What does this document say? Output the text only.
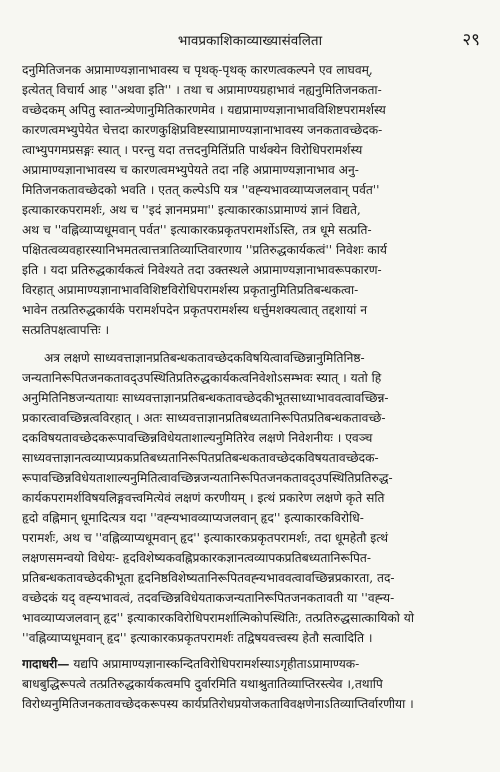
भावप्रकाशिकाव्याख्यासंवलिता	२९
दनुमितिजनक अप्रामाण्यज्ञानाभावस्य च पृथक्-पृथक् कारणत्वकल्पने एव लाघवम्,
इत्येतत् विचार्य आह ''अथवा इति'' । तथा च अप्रामाण्यग्रहाभावं नह्यनुमितिजनकता-
वच्छेदकम् अपितु स्वातन्त्र्येणानुमितिकारणमेव । यद्यप्रामाण्यज्ञानाभावविशिष्टपरामर्शस्य
कारणत्वमभ्युपेयेत चेत्तदा कारणकुक्षिप्रविष्टस्याप्रामाण्यज्ञानाभावस्य जनकतावच्छेदक-
त्वाभ्युपगमप्रसङ्गः स्यात् । परन्तु यदा तत्तदनुमितिंप्रति पार्थक्येन विरोधिपरामर्शस्य
अप्रामाण्यज्ञानाभावस्य च कारणत्वमभ्युपेयते तदा नहि अप्रामाण्यज्ञानाभाव अनु-
मितिजनकतावच्छेदको भवति । एतत् कल्पेऽपि यत्र ''वह्न्यभावव्याप्यजलवान् पर्वत''
इत्याकारकपरामर्शः, अथ च ''इदं ज्ञानमप्रमा'' इत्याकारकाऽप्रामाण्यं ज्ञानं विद्यते,
अथ च ''वह्निव्याप्यधूमवान् पर्वत'' इत्याकारकप्रकृतपरामर्शोऽस्ति, तत्र धूमे सत्प्रति-
पक्षितत्वव्यवहारस्यानिभमतत्वात्तत्रातिव्याप्तिवारणाय ''प्रतिरुद्धकार्यकत्वं'' निवेशः कार्य
इति । यदा प्रतिरुद्धकार्यकत्वं निवेश्यते तदा उक्तस्थले अप्रामाण्यज्ञानाभावरूपकारण-
विरहात् अप्रामाण्यज्ञानाभावविशिष्टविरोधिपरामर्शस्य प्रकृतानुमितिप्रतिबन्धकत्वा-
भावेन तत्प्रतिरुद्धकार्यके परामर्शपदेन प्रकृतपरामर्शस्य धर्त्तुमशक्यत्वात् तद्दशायां न
सत्प्रतिपक्षत्वापत्तिः ।
अत्र लक्षणे साध्यवत्ताज्ञानप्रतिबन्धकतावच्छेदकविषयित्वावच्छिन्नानुमितिनिष्ठ-
जन्यतानिरूपितजनकतावद्उपस्थितिप्रतिरुद्धकार्यकत्वनिवेशोऽसम्भवः स्यात् । यतो हि
अनुमितिनिष्ठजन्यतायाः साध्यवत्ताज्ञानप्रतिबन्धकतावच्छेदकीभूतसाध्याभाववत्वावच्छिन्न-
प्रकारत्वावच्छिन्नत्वविरहात् । अतः साध्यवत्ताज्ञानप्रतिबध्यतानिरूपितप्रतिबन्धकतावच्छे-
दकविषयतावच्छेदकरूपावच्छिन्नविधेयताशाल्यनुमितिरेव लक्षणे निवेशनीयः । एवञ्च
साध्यवत्ताज्ञानत्वव्याप्यप्रकप्रतिबध्यतानिरूपितप्रतिबन्धकतावच्छेदकविषयतावच्छेदक-
रूपावच्छिन्नविधेयताशाल्यनुमितित्वावच्छिन्नजन्यतानिरूपितजनकतावद्उपस्थितिप्रतिरुद्ध-
कार्यकपरामर्शविषयलिङ्गवत्त्वमित्येवं लक्षणं करणीयम् । इत्थं प्रकारेण लक्षणे कृते सति
हृदो वह्निमान् धूमादित्यत्र यदा ''वह्न्यभावव्याप्यजलवान् हृद'' इत्याकारकविरोधि-
परामर्शः, अथ च ''वह्निव्याप्यधूमवान् हृद'' इत्याकारकप्रकृतपरामर्शः, तदा धूमहेतौ इत्थं
लक्षणसमन्वयो विधेयः- हृदविशेष्यकवह्निप्रकारकज्ञानत्वव्यापकप्रतिबध्यतानिरूपित-
प्रतिबन्धकतावच्छेदकीभूता हृदनिष्ठविशेष्यतानिरूपितवह्न्यभाववत्वावच्छिन्नप्रकारता, तद-
वच्छेदकं यद् वह्न्यभावत्वं, तदवच्छिन्नविधेयताकजन्यतानिरूपितजनकतावती या ''वह्न्य-
भावव्याप्यजलवान् हृद'' इत्याकारकविरोधिपरामर्शात्मिकोपस्थितिः, तत्प्रतिरुद्धसात्कायिको यो
''वह्निव्याप्यधूमवान् हृद'' इत्याकारकप्रकृतपरामर्शः तद्विषयवत्त्वस्य हेतौ सत्वादिति ।
गादाधरी— यद्यपि अप्रामाण्यज्ञानास्कन्दितविरोधिपरामर्शस्याऽगृहीताऽप्रामाण्यक-
बाधबुद्धिरूपत्वे तत्प्रतिरुद्धकार्यकत्वमपि दुर्वारमिति यथाश्रुतातिव्याप्तिरस्त्येव ।,तथापि
विरोध्यनुमितिजनकतावच्छेदकरूपस्य कार्यप्रतिरोधप्रयोजकताविवक्षणेनाऽतिव्याप्तिर्वारणीया ।
